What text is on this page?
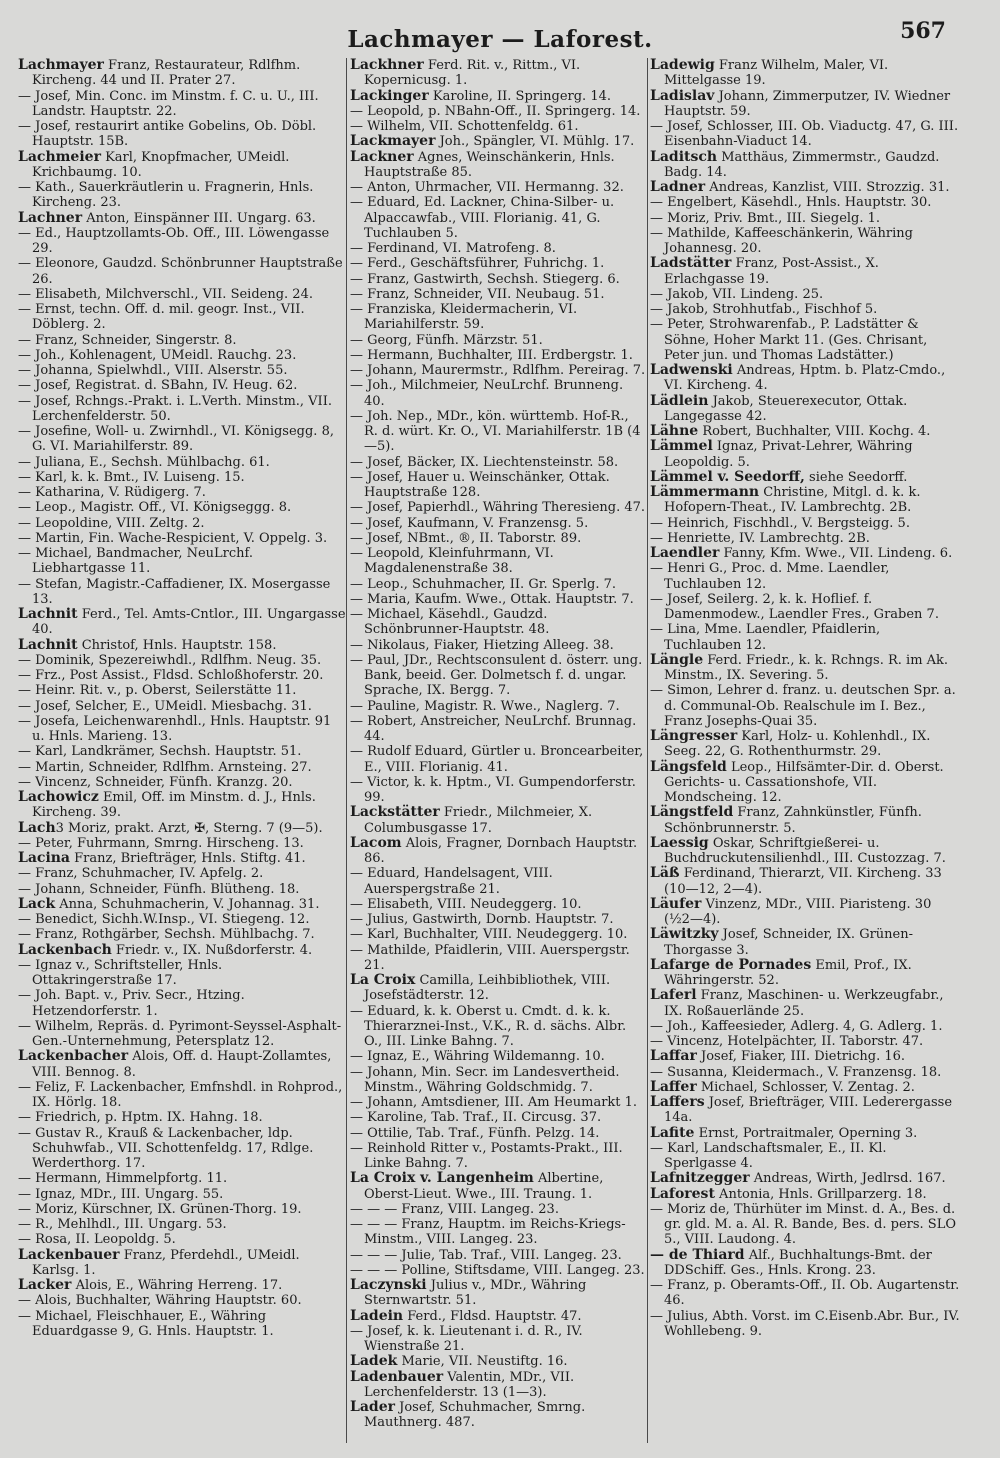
Lachmayer — Laforest.	567

Lachmayer Franz, Restaurateur, Rdlfhm. Kircheng. 44 und II. Prater 27.

— Josef, Min. Conc. im Minstm. f. C. u. U., III. Landstr. Hauptstr. 22.

— Josef, restaurirt antike Gobelins, Ob. Döbl. Hauptstr. 15B.

Lachmeier Karl, Knopfmacher, UMeidl. Krichbaumg. 10.

— Kath., Sauerkräutlerin u. Fragnerin, Hnls. Kircheng. 23.

Lachner Anton, Einspänner III. Ungarg. 63.

— Ed., Hauptzollamts-Ob. Off., III. Löwengasse 29.

— Eleonore, Gaudzd. Schönbrunner Hauptstraße 26.

— Elisabeth, Milchverschl., VII. Seideng. 24.

— Ernst, techn. Off. d. mil. geogr. Inst., VII. Döblerg. 2.

— Franz, Schneider, Singerstr. 8.

— Joh., Kohlenagent, UMeidl. Rauchg. 23.

— Johanna, Spielwhdl., VIII. Alserstr. 55.

— Josef, Registrat. d. SBahn, IV. Heug. 62.

— Josef, Rchngs.-Prakt. i. L.Verth. Minstm., VII. Lerchenfelderstr. 50.

— Josefine, Woll- u. Zwirnhdl., VI. Königsegg. 8, G. VI. Mariahilferstr. 89.

— Juliana, E., Sechsh. Mühlbachg. 61.

— Karl, k. k. Bmt., IV. Luiseng. 15.

— Katharina, V. Rüdigerg. 7.

— Leop., Magistr. Off., VI. Königseggg. 8.

— Leopoldine, VIII. Zeltg. 2.

— Martin, Fin. Wache-Respicient, V. Oppelg. 3.

— Michael, Bandmacher, NeuLrchf. Liebhartgasse 11.

— Stefan, Magistr.-Caffadiener, IX. Mosergasse 13.

Lachnit Ferd., Tel. Amts-Cntlor., III. Ungargasse 40.

Lachnit Christof, Hnls. Hauptstr. 158.

— Dominik, Spezereiwhdl., Rdlfhm. Neug. 35.

— Frz., Post Assist., Fldsd. Schloßhoferstr. 20.

— Heinr. Rit. v., p. Oberst, Seilerstätte 11.

— Josef, Selcher, E., UMeidl. Miesbachg. 31.

— Josefa, Leichenwarenhdl., Hnls. Hauptstr. 91 u. Hnls. Marieng. 13.

— Karl, Landkrämer, Sechsh. Hauptstr. 51.

— Martin, Schneider, Rdlfhm. Arnsteing. 27.

— Vincenz, Schneider, Fünfh. Kranzg. 20.

Lachowicz Emil, Off. im Minstm. d. J., Hnls. Kircheng. 39.

Lach3 Moriz, prakt. Arzt, ✠, Sterng. 7 (9—5).

— Peter, Fuhrmann, Smrng. Hirscheng. 13.

Lacina Franz, Briefträger, Hnls. Stiftg. 41.

— Franz, Schuhmacher, IV. Apfelg. 2.

— Johann, Schneider, Fünfh. Blütheng. 18.

Lack Anna, Schuhmacherin, V. Johannag. 31.

— Benedict, Sichh.W.Insp., VI. Stiegeng. 12.

— Franz, Rothgärber, Sechsh. Mühlbachg. 7.

Lackenbach Friedr. v., IX. Nußdorferstr. 4.

— Ignaz v., Schriftsteller, Hnls. Ottakringerstraße 17.

— Joh. Bapt. v., Priv. Secr., Htzing. Hetzendorferstr. 1.

— Wilhelm, Repräs. d. Pyrimont-Seyssel-Asphalt-Gen.-Unternehmung, Petersplatz 12.

Lackenbacher Alois, Off. d. Haupt-Zollamtes, VIII. Bennog. 8.

— Feliz, F. Lackenbacher, Emfnshdl. in Rohprod., IX. Hörlg. 18.

— Friedrich, p. Hptm. IX. Hahng. 18.

— Gustav R., Krauß & Lackenbacher, ldp. Schuhwfab., VII. Schottenfeldg. 17, Rdlge. Werderthorg. 17.

— Hermann, Himmelpfortg. 11.

— Ignaz, MDr., III. Ungarg. 55.

— Moriz, Kürschner, IX. Grünen-Thorg. 19.

— R., Mehlhdl., III. Ungarg. 53.

— Rosa, II. Leopoldg. 5.

Lackenbauer Franz, Pferdehdl., UMeidl. Karlsg. 1.

Lacker Alois, E., Währing Herreng. 17.

— Alois, Buchhalter, Währing Hauptstr. 60.

— Michael, Fleischhauer, E., Währing Eduardgasse 9, G. Hnls. Hauptstr. 1.

Lackhner Ferd. Rit. v., Rittm., VI. Kopernicusg. 1.

Lackinger Karoline, II. Springerg. 14.

— Leopold, p. NBahn-Off., II. Springerg. 14.

— Wilhelm, VII. Schottenfeldg. 61.

Lackmayer Joh., Spängler, VI. Mühlg. 17.

Lackner Agnes, Weinschänkerin, Hnls. Hauptstraße 85.

— Anton, Uhrmacher, VII. Hermanng. 32.

— Eduard, Ed. Lackner, China-Silber- u. Alpaccawfab., VIII. Florianig. 41, G. Tuchlauben 5.

— Ferdinand, VI. Matrofeng. 8.

— Ferd., Geschäftsführer, Fuhrichg. 1.

— Franz, Gastwirth, Sechsh. Stiegerg. 6.

— Franz, Schneider, VII. Neubaug. 51.

— Franziska, Kleidermacherin, VI. Mariahilferstr. 59.

— Georg, Fünfh. Märzstr. 51.

— Hermann, Buchhalter, III. Erdbergstr. 1.

— Johann, Maurermstr., Rdlfhm. Pereirag. 7.

— Joh., Milchmeier, NeuLrchf. Brunneng. 40.

— Joh. Nep., MDr., kön. württemb. Hof-R., R. d. würt. Kr. O., VI. Mariahilferstr. 1B (4—5).

— Josef, Bäcker, IX. Liechtensteinstr. 58.

— Josef, Hauer u. Weinschänker, Ottak. Hauptstraße 128.

— Josef, Papierhdl., Währing Theresieng. 47.

— Josef, Kaufmann, V. Franzensg. 5.

— Josef, NBmt., ®, II. Taborstr. 89.

— Leopold, Kleinfuhrmann, VI. Magdalenenstraße 38.

— Leop., Schuhmacher, II. Gr. Sperlg. 7.

— Maria, Kaufm. Wwe., Ottak. Hauptstr. 7.

— Michael, Käsehdl., Gaudzd. Schönbrunner-Hauptstr. 48.

— Nikolaus, Fiaker, Hietzing Alleeg. 38.

— Paul, JDr., Rechtsconsulent d. österr. ung. Bank, beeid. Ger. Dolmetsch f. d. ungar. Sprache, IX. Bergg. 7.

— Pauline, Magistr. R. Wwe., Naglerg. 7.

— Robert, Anstreicher, NeuLrchf. Brunnag. 44.

— Rudolf Eduard, Gürtler u. Broncearbeiter, E., VIII. Florianig. 41.

— Victor, k. k. Hptm., VI. Gumpendorferstr. 99.

Lackstätter Friedr., Milchmeier, X. Columbusgasse 17.

Lacom Alois, Fragner, Dornbach Hauptstr. 86.

— Eduard, Handelsagent, VIII. Auerspergstraße 21.

— Elisabeth, VIII. Neudeggerg. 10.

— Julius, Gastwirth, Dornb. Hauptstr. 7.

— Karl, Buchhalter, VIII. Neudeggerg. 10.

— Mathilde, Pfaidlerin, VIII. Auerspergstr. 21.

La Croix Camilla, Leihbibliothek, VIII. Josefstädterstr. 12.

— Eduard, k. k. Oberst u. Cmdt. d. k. k. Thierarznei-Inst., V.K., R. d. sächs. Albr. O., III. Linke Bahng. 7.

— Ignaz, E., Währing Wildemanng. 10.

— Johann, Min. Secr. im Landesvertheid. Minstm., Währing Goldschmidg. 7.

— Johann, Amtsdiener, III. Am Heumarkt 1.

— Karoline, Tab. Traf., II. Circusg. 37.

— Ottilie, Tab. Traf., Fünfh. Pelzg. 14.

— Reinhold Ritter v., Postamts-Prakt., III. Linke Bahng. 7.

La Croix v. Langenheim Albertine, Oberst-Lieut. Wwe., III. Traung. 1.

— — — Franz, VIII. Langeg. 23.

— — — Franz, Hauptm. im Reichs-Kriegs-Minstm., VIII. Langeg. 23.

— — — Julie, Tab. Traf., VIII. Langeg. 23.

— — — Polline, Stiftsdame, VIII. Langeg. 23.

Laczynski Julius v., MDr., Währing Sternwartstr. 51.

Ladein Ferd., Fldsd. Hauptstr. 47.

— Josef, k. k. Lieutenant i. d. R., IV. Wienstraße 21.

Ladek Marie, VII. Neustiftg. 16.

Ladenbauer Valentin, MDr., VII. Lerchenfelderstr. 13 (1—3).

Lader Josef, Schuhmacher, Smrng. Mauthnerg. 487.

Ladewig Franz Wilhelm, Maler, VI. Mittelgasse 19.

Ladislav Johann, Zimmerputzer, IV. Wiedner Hauptstr. 59.

— Josef, Schlosser, III. Ob. Viaductg. 47, G. III. Eisenbahn-Viaduct 14.

Laditsch Matthäus, Zimmermstr., Gaudzd. Badg. 14.

Ladner Andreas, Kanzlist, VIII. Strozzig. 31.

— Engelbert, Käsehdl., Hnls. Hauptstr. 30.

— Moriz, Priv. Bmt., III. Siegelg. 1.

— Mathilde, Kaffeeschänkerin, Währing Johannesg. 20.

Ladstätter Franz, Post-Assist., X. Erlachgasse 19.

— Jakob, VII. Lindeng. 25.

— Jakob, Strohhutfab., Fischhof 5.

— Peter, Strohwarenfab., P. Ladstätter & Söhne, Hoher Markt 11. (Ges. Chrisant, Peter jun. und Thomas Ladstätter.)

Ladwenski Andreas, Hptm. b. Platz-Cmdo., VI. Kircheng. 4.

Lädlein Jakob, Steuerexecutor, Ottak. Langegasse 42.

Lähne Robert, Buchhalter, VIII. Kochg. 4.

Lämmel Ignaz, Privat-Lehrer, Währing Leopoldig. 5.

Lämmel v. Seedorff, siehe Seedorff.

Lämmermann Christine, Mitgl. d. k. k. Hofopern-Theat., IV. Lambrechtg. 2B.

— Heinrich, Fischhdl., V. Bergsteigg. 5.

— Henriette, IV. Lambrechtg. 2B.

Laendler Fanny, Kfm. Wwe., VII. Lindeng. 6.

— Henri G., Proc. d. Mme. Laendler, Tuchlauben 12.

— Josef, Seilerg. 2, k. k. Hoflief. f. Damenmodew., Laendler Fres., Graben 7.

— Lina, Mme. Laendler, Pfaidlerin, Tuchlauben 12.

Längle Ferd. Friedr., k. k. Rchngs. R. im Ak. Minstm., IX. Severing. 5.

— Simon, Lehrer d. franz. u. deutschen Spr. a. d. Communal-Ob. Realschule im I. Bez., Franz Josephs-Quai 35.

Längresser Karl, Holz- u. Kohlenhdl., IX. Seeg. 22, G. Rothenthurmstr. 29.

Längsfeld Leop., Hilfsämter-Dir. d. Oberst. Gerichts- u. Cassationshofe, VII. Mondscheing. 12.

Längstfeld Franz, Zahnkünstler, Fünfh. Schönbrunnerstr. 5.

Laessig Oskar, Schriftgießerei- u. Buchdruckutensilienhdl., III. Custozzag. 7.

Läß Ferdinand, Thierarzt, VII. Kircheng. 33 (10—12, 2—4).

Läufer Vinzenz, MDr., VIII. Piaristeng. 30 (½2—4).

Läwitzky Josef, Schneider, IX. Grünen-Thorgasse 3.

Lafarge de Pornades Emil, Prof., IX. Währingerstr. 52.

Laferl Franz, Maschinen- u. Werkzeugfabr., IX. Roßauerlände 25.

— Joh., Kaffeesieder, Adlerg. 4, G. Adlerg. 1.

— Vincenz, Hotelpächter, II. Taborstr. 47.

Laffar Josef, Fiaker, III. Dietrichg. 16.

— Susanna, Kleidermach., V. Franzensg. 18.

Laffer Michael, Schlosser, V. Zentag. 2.

Laffers Josef, Briefträger, VIII. Lederergasse 14a.

Lafite Ernst, Portraitmaler, Operning 3.

— Karl, Landschaftsmaler, E., II. Kl. Sperlgasse 4.

Lafnitzegger Andreas, Wirth, Jedlrsd. 167.

Laforest Antonia, Hnls. Grillparzerg. 18.

— Moriz de, Thürhüter im Minst. d. A., Bes. d. gr. gld. M. a. Al. R. Bande, Bes. d. pers. SLO 5., VIII. Laudong. 4.

— de Thiard Alf., Buchhaltungs-Bmt. der DDSchiff. Ges., Hnls. Krong. 23.

— Franz, p. Oberamts-Off., II. Ob. Augartenstr. 46.

— Julius, Abth. Vorst. im C.Eisenb.Abr. Bur., IV. Wohllebeng. 9.
